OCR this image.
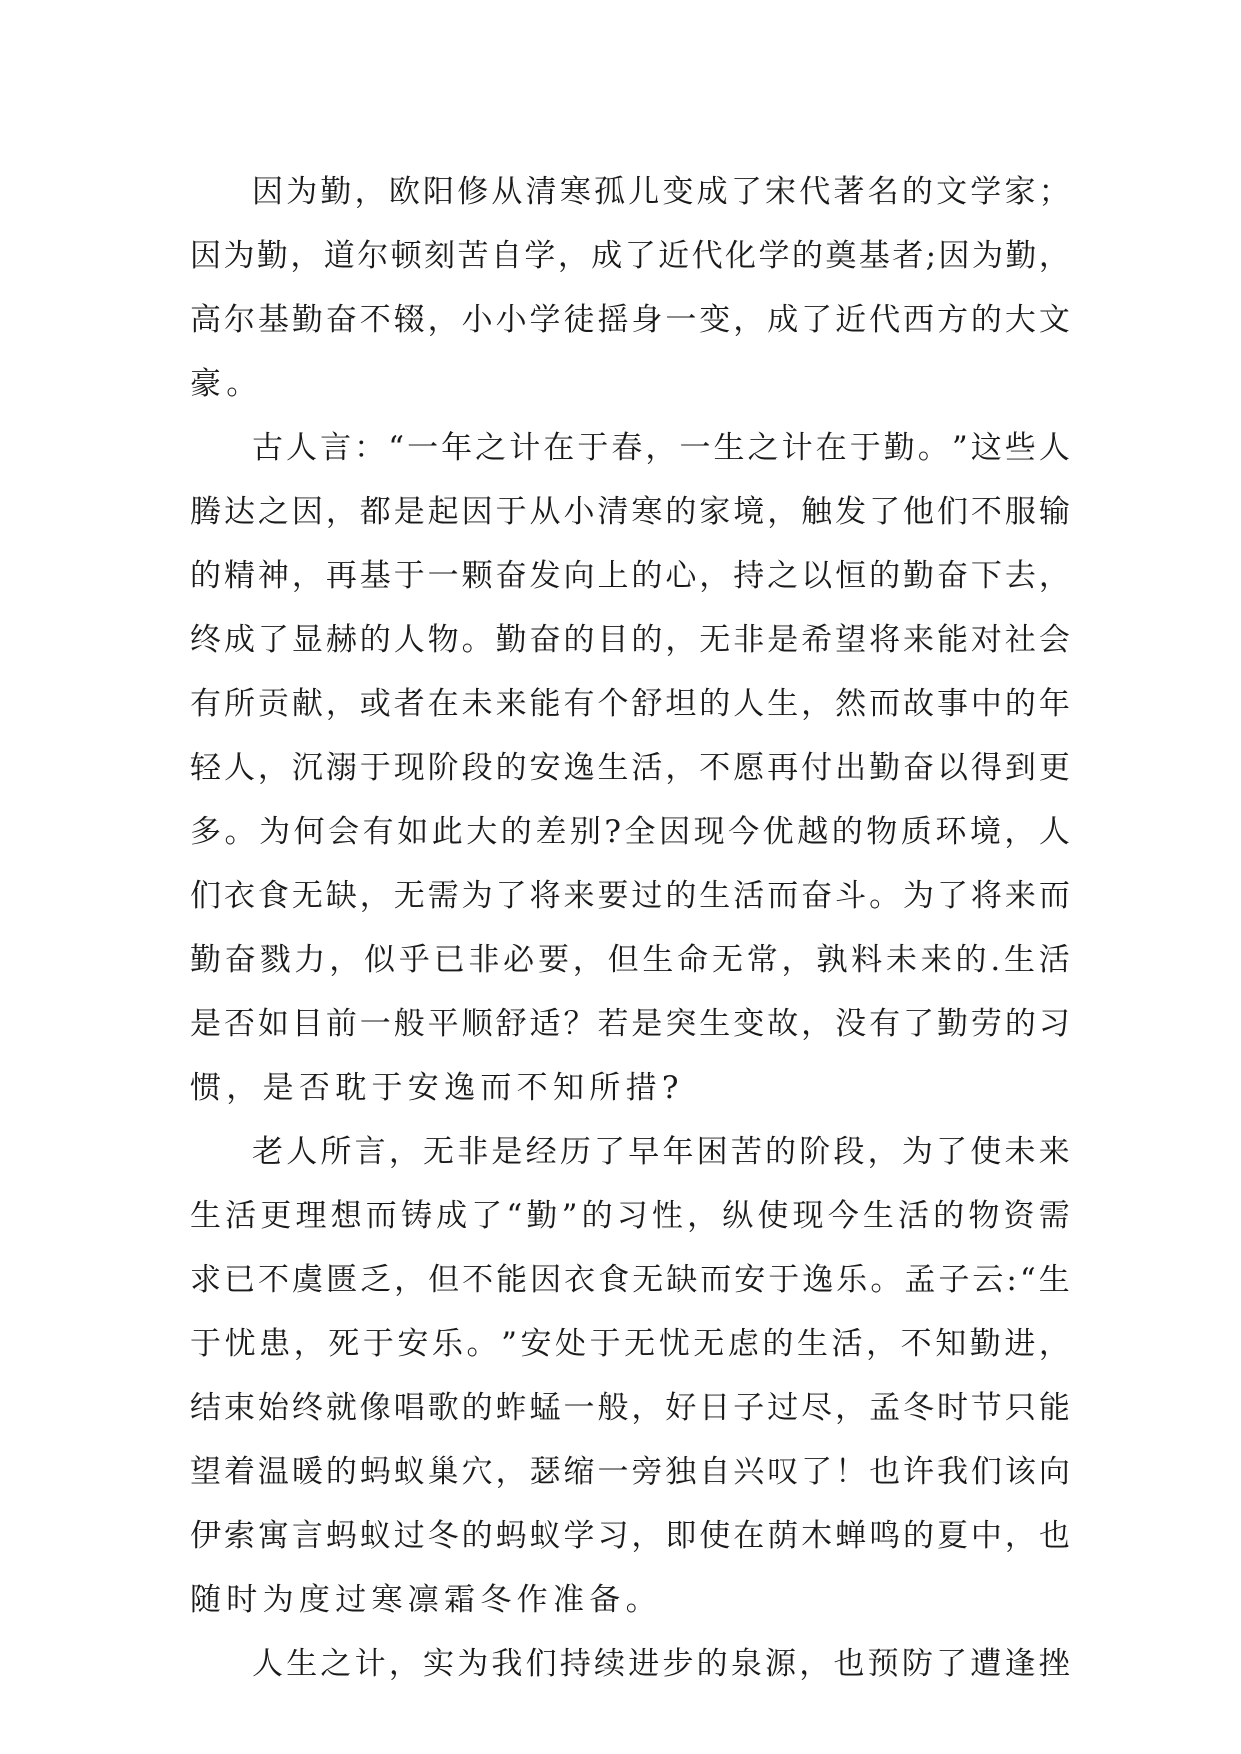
因 为 勤 ， 欧 阳 修 从 清 寒 孤 儿 变 成 了 宋 代 著 名 的 文 学 家 ；
因 为 勤 ， 道 尔 顿 刻 苦 自 学 ， 成 了 近 代 化 学 的 奠 基 者 ; 因 为 勤 ，
高 尔 基 勤 奋 不 辍 ， 小 小 学 徒 摇 身 一 变 ， 成 了 近 代 西 方 的 大 文
豪 。
古 人 言 ： “ 一 年 之 计 在 于 春 ， 一 生 之 计 在 于 勤 。 ” 这 些 人
腾 达 之 因 ， 都 是 起 因 于 从 小 清 寒 的 家 境 ， 触 发 了 他 们 不 服 输
的 精 神 ， 再 基 于 一 颗 奋 发 向 上 的 心 ， 持 之 以 恒 的 勤 奋 下 去 ，
终 成 了 显 赫 的 人 物 。 勤 奋 的 目 的 ， 无 非 是 希 望 将 来 能 对 社 会
有 所 贡 献 ， 或 者 在 未 来 能 有 个 舒 坦 的 人 生 ， 然 而 故 事 中 的 年
轻 人 ， 沉 溺 于 现 阶 段 的 安 逸 生 活 ， 不 愿 再 付 出 勤 奋 以 得 到 更
多 。 为 何 会 有 如 此 大 的 差 别 ? 全 因 现 今 优 越 的 物 质 环 境 ， 人
们 衣 食 无 缺 ， 无 需 为 了 将 来 要 过 的 生 活 而 奋 斗 。 为 了 将 来 而
勤 奋 戮 力 ， 似 乎 已 非 必 要 ， 但 生 命 无 常 ， 孰 料 未 来 的 . 生 活
是 否 如 目 前 一 般 平 顺 舒 适 ？ 若 是 突 生 变 故 ， 没 有 了 勤 劳 的 习
惯 ， 是 否 耽 于 安 逸 而 不 知 所 措 ?
老 人 所 言 ， 无 非 是 经 历 了 早 年 困 苦 的 阶 段 ， 为 了 使 未 来
生 活 更 理 想 而 铸 成 了 “ 勤 ” 的 习 性 ， 纵 使 现 今 生 活 的 物 资 需
求 已 不 虞 匮 乏 ， 但 不 能 因 衣 食 无 缺 而 安 于 逸 乐 。 孟 子 云 : “ 生
于 忧 患 ， 死 于 安 乐 。 ” 安 处 于 无 忧 无 虑 的 生 活 ， 不 知 勤 进 ，
结 束 始 终 就 像 唱 歌 的 蚱 蜢 一 般 ， 好 日 子 过 尽 ， 孟 冬 时 节 只 能
望 着 温 暖 的 蚂 蚁 巢 穴 ， 瑟 缩 一 旁 独 自 兴 叹 了 ！ 也 许 我 们 该 向
伊 索 寓 言 蚂 蚁 过 冬 的 蚂 蚁 学 习 ， 即 使 在 荫 木 蝉 鸣 的 夏 中 ， 也
随 时 为 度 过 寒 凛 霜 冬 作 准 备 。
人 生 之 计 ， 实 为 我 们 持 续 进 步 的 泉 源 ， 也 预 防 了 遭 逢 挫
